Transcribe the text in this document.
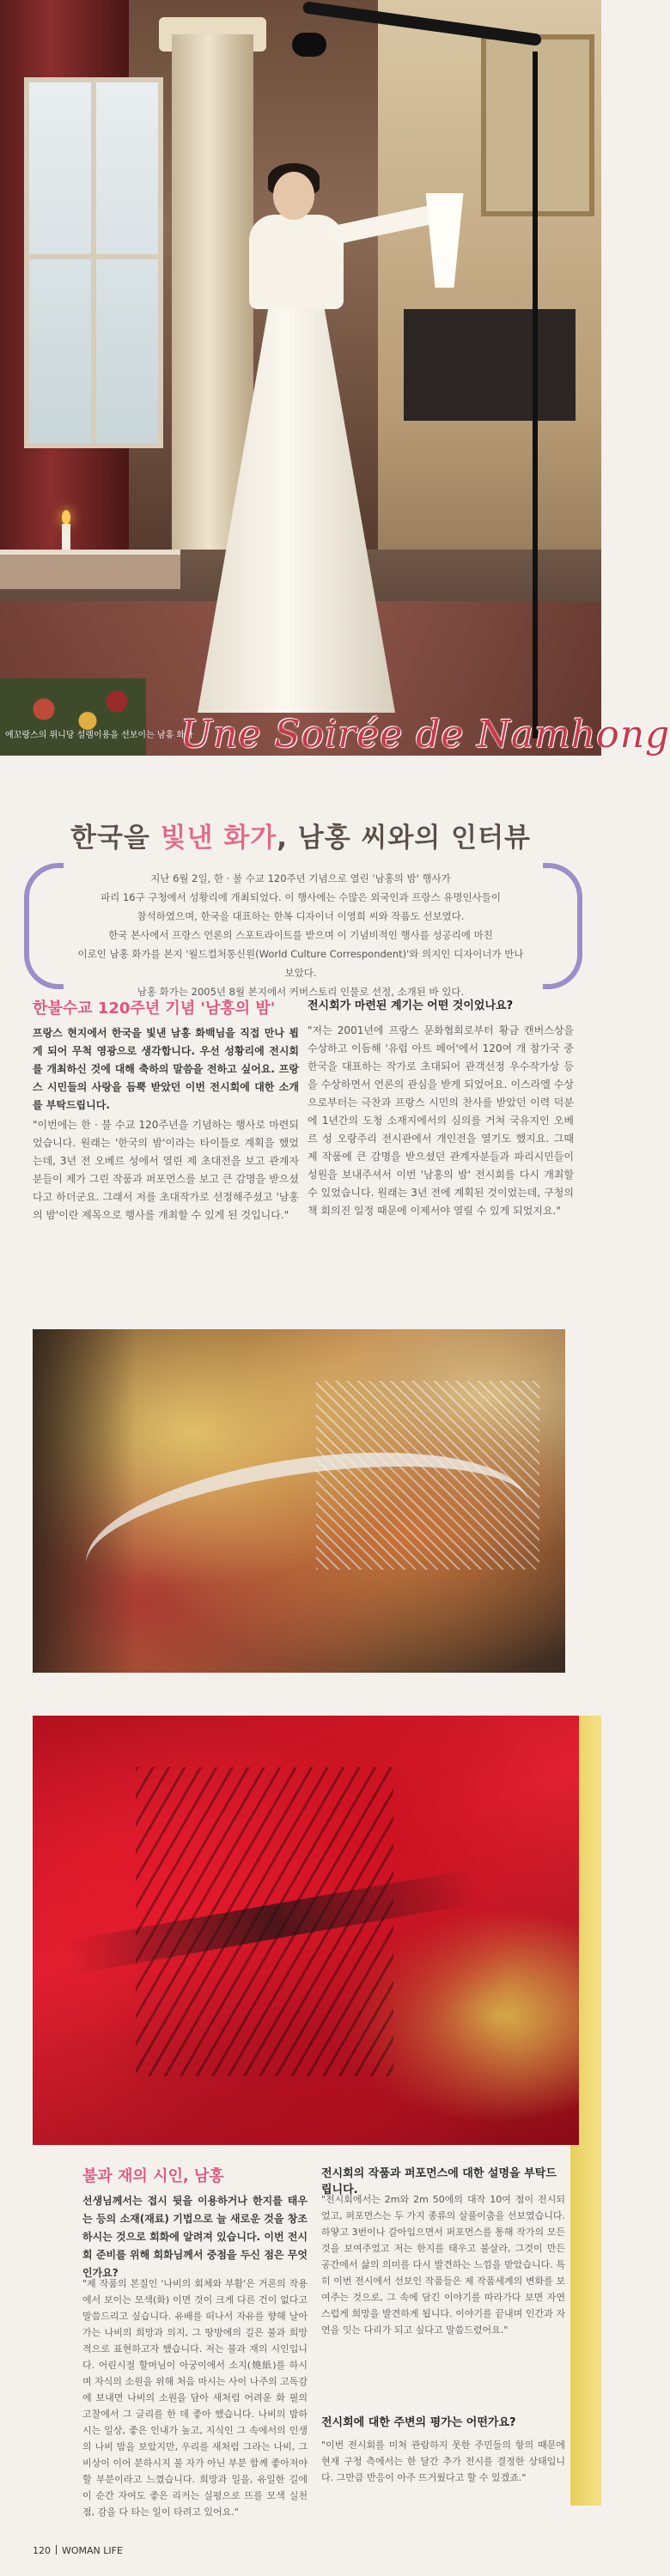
에꼬랑스의 위니당 설렘이용을 선보이는 남홍 화가
Une Soirée de Namhong
한국을 빛낸 화가, 남홍 씨와의 인터뷰
지난 6월 2일, 한 · 불 수교 120주년 기념으로 열린 '남홍의 밤' 행사가
파리 16구 구청에서 성황리에 개최되었다. 이 행사에는 수많은 외국인과 프랑스 유명인사들이
참석하였으며, 한국을 대표하는 한복 디자이너 이영희 씨와 작품도 선보였다.
한국 본사에서 프랑스 언론의 스포트라이트를 받으며 이 기념비적인 행사를 성공리에 마친
이로인 남홍 화가를 본지 '월드컬처통신원(World Culture Correspondent)'와 의지인 디자이너가 만나보았다.
남홍 화가는 2005년 8월 본지에서 커버스토리 인물로 선정, 소개된 바 있다.
한불수교 120주년 기념 '남홍의 밤'
프랑스 현지에서 한국을 빛낸 남홍 화백님을 직접 만나 뵙게 되어 무척 영광으로 생각합니다. 우선 성황리에 전시회를 개최하신 것에 대해 축하의 말씀을 전하고 싶어요. 프랑스 시민들의 사랑을 듬뿍 받았던 이번 전시회에 대한 소개를 부탁드립니다.
"이번에는 한 · 불 수교 120주년을 기념하는 행사로 마련되었습니다. 원래는 '한국의 밤'이라는 타이틀로 계획을 했었는데, 3년 전 오베르 성에서 열린 제 초대전을 보고 관계자분들이 제가 그린 작품과 퍼포먼스를 보고 큰 감명을 받으셨다고 하더군요. 그래서 저를 초대작가로 선정해주셨고 '남홍의 밤'이란 제목으로 행사를 개최할 수 있게 된 것입니다."
전시회가 마련된 계기는 어떤 것이었나요?
"저는 2001년에 프랑스 문화협회로부터 황금 캔버스상을 수상하고 이듬해 '유럽 아트 페어'에서 120여 개 참가국 중 한국을 대표하는 작가로 초대되어 관객선정 우수작가상 등을 수상하면서 언론의 관심을 받게 되었어요. 이스라엘 수상으로부터는 극찬과 프랑스 시민의 찬사를 받았던 이력 덕분에 1년간의 도청 소재지에서의 심의를 거쳐 국유지인 오베르 성 오랑주리 전시관에서 개인전을 열기도 했지요. 그때 제 작품에 큰 감명을 받으셨던 관계자분들과 파리시민들이 성원을 보내주셔서 이번 '남홍의 밤' 전시회를 다시 개최할 수 있었습니다. 원래는 3년 전에 계획된 것이었는데, 구청의 책 회의진 일정 때문에 이제서야 열릴 수 있게 되었지요."
불과 재의 시인, 남홍
선생님께서는 접시 뒷을 이용하거나 한지를 태우는 등의 소재(재료) 기법으로 늘 새로운 것을 창조하시는 것으로 회화에 알려져 있습니다. 이번 전시회 준비를 위해 회화님께서 중점을 두신 점은 무엇인가요?
"제 작품의 본질인 '나비의 회체와 부활'은 거론의 작용에서 보이는 모색(화) 이면 것이 크게 다른 건이 없다고 말씀드리고 싶습니다. 유배를 떠나서 자유를 향해 날아가는 나비의 희망과 의지, 그 땅방에의 길은 불과 희망적으로 표현하고자 했습니다. 저는 불과 재의 시인입니다. 어린시절 할머님이 아궁이에서 소지(燒紙)를 하시며 자식의 소원을 위해 처음 마시는 사이 나주의 고독감에 보내면 나비의 소원을 담아 새처럼 어려운 화 필의 고찰에서 그 글리를 한 데 좋아 했습니다. 나비의 밤하시는 일상, 좋은 인내가 높고, 지식인 그 속에서의 인생의 나비 밤을 보았지만, 우리를 새처럼 그라는 나비, 그 비상이 이어 분하시지 불 자가 아닌 부분 함께 좋아져야 할 부분이라고 느꼈습니다. 희망과 일을, 유일한 길에 이 순간 자여도 좋은 리커는 실평으로 뜨를 모색 실천 점, 감을 다 타는 일이 타려고 있어요."
전시회의 작품과 퍼포먼스에 대한 설명을 부탁드립니다.
"전시회에서는 2m와 2m 50에의 대작 10여 점이 전시되었고, 퍼포먼스는 두 가지 종류의 살풀이춤을 선보였습니다. 하얗고 3번이나 갈아입으면서 퍼포먼스를 통해 작가의 모든 것을 보여주었고 저는 한지를 태우고 불살라, 그것이 만든 공간에서 삶의 의미를 다시 발견하는 느낌을 받았습니다. 특히 이번 전시에서 선보인 작품들은 제 작품세계의 변화를 보여주는 것으로, 그 속에 담긴 이야기를 따라가다 보면 자연스럽게 희망을 발견하게 됩니다. 이야기를 끝내며 인간과 자연을 잇는 다리가 되고 싶다고 말씀드렸어요."
전시회에 대한 주변의 평가는 어떤가요?
"이번 전시회를 미처 관람하지 못한 주민들의 항의 때문에 현재 구청 측에서는 한 달간 추가 전시를 결정한 상태입니다. 그만큼 반응이 아주 뜨거웠다고 할 수 있겠죠."
120 WOMAN LIFE
